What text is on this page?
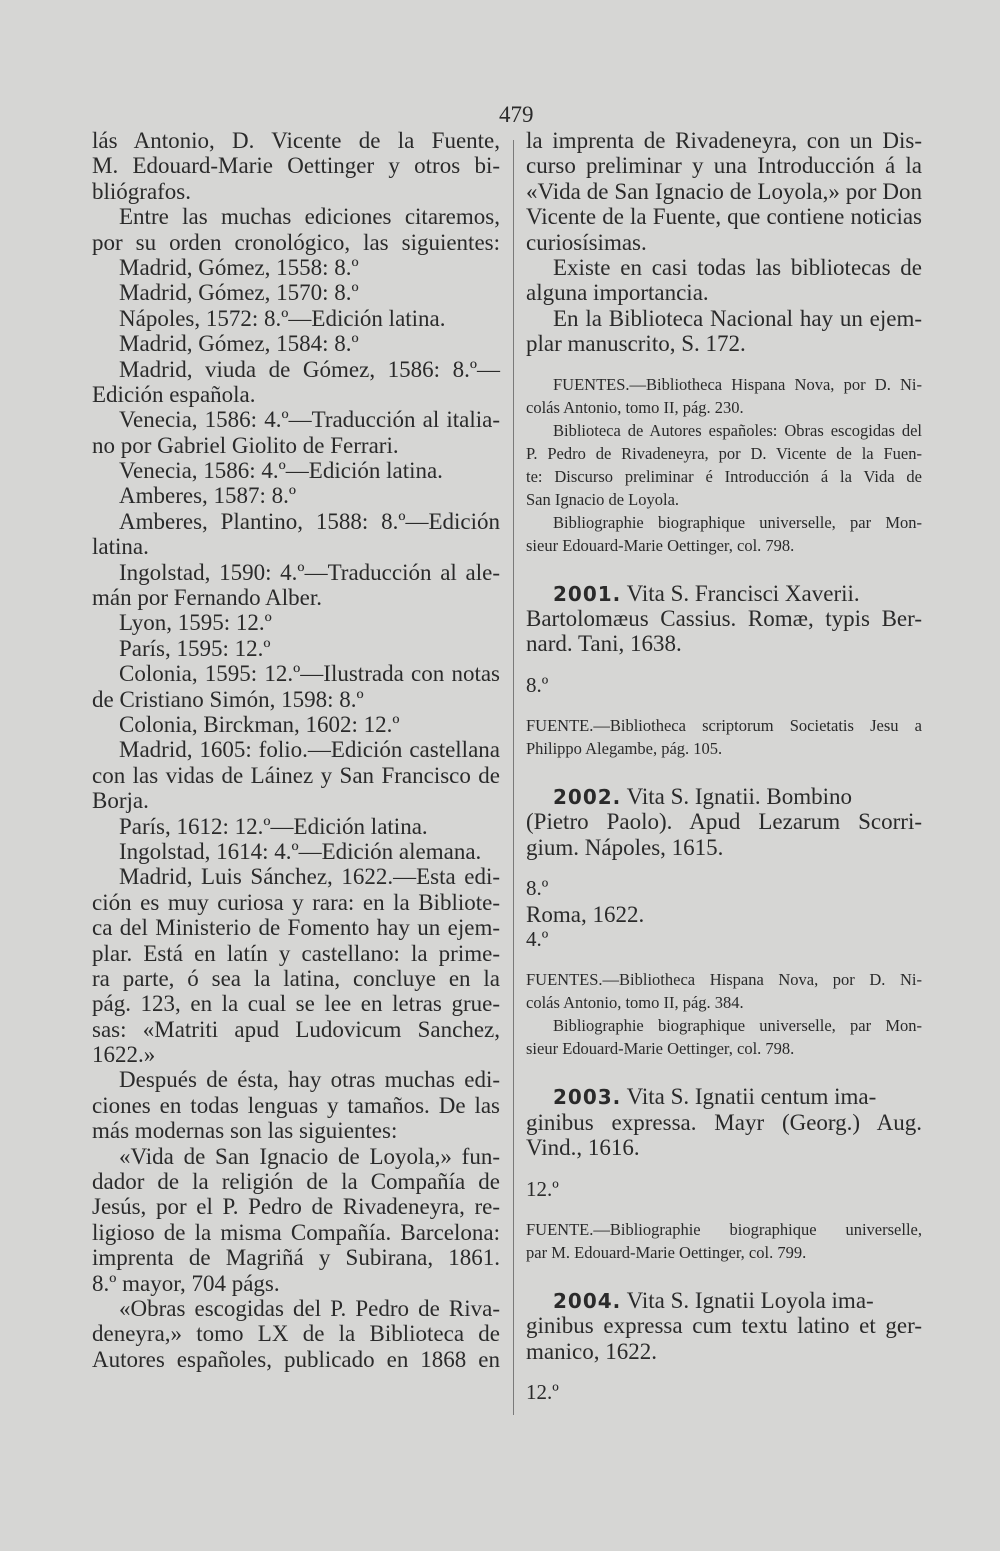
479
lás Antonio, D. Vicente de la Fuente,
M. Edouard-Marie Oettinger y otros bi-
bliógrafos.
Entre las muchas ediciones citaremos,
por su orden cronológico, las siguientes:
Madrid, Gómez, 1558: 8.º
Madrid, Gómez, 1570: 8.º
Nápoles, 1572: 8.º—Edición latina.
Madrid, Gómez, 1584: 8.º
Madrid, viuda de Gómez, 1586: 8.º—
Edición española.
Venecia, 1586: 4.º—Traducción al italia-
no por Gabriel Giolito de Ferrari.
Venecia, 1586: 4.º—Edición latina.
Amberes, 1587: 8.º
Amberes, Plantino, 1588: 8.º—Edición
latina.
Ingolstad, 1590: 4.º—Traducción al ale-
mán por Fernando Alber.
Lyon, 1595: 12.º
París, 1595: 12.º
Colonia, 1595: 12.º—Ilustrada con notas
de Cristiano Simón, 1598: 8.º
Colonia, Birckman, 1602: 12.º
Madrid, 1605: folio.—Edición castellana
con las vidas de Láinez y San Francisco de
Borja.
París, 1612: 12.º—Edición latina.
Ingolstad, 1614: 4.º—Edición alemana.
Madrid, Luis Sánchez, 1622.—Esta edi-
ción es muy curiosa y rara: en la Bibliote-
ca del Ministerio de Fomento hay un ejem-
plar. Está en latín y castellano: la prime-
ra parte, ó sea la latina, concluye en la
pág. 123, en la cual se lee en letras grue-
sas: «Matriti apud Ludovicum Sanchez,
1622.»
Después de ésta, hay otras muchas edi-
ciones en todas lenguas y tamaños. De las
más modernas son las siguientes:
«Vida de San Ignacio de Loyola,» fun-
dador de la religión de la Compañía de
Jesús, por el P. Pedro de Rivadeneyra, re-
ligioso de la misma Compañía. Barcelona:
imprenta de Magriñá y Subirana, 1861.
8.º mayor, 704 págs.
«Obras escogidas del P. Pedro de Riva-
deneyra,» tomo LX de la Biblioteca de
Autores españoles, publicado en 1868 en
la imprenta de Rivadeneyra, con un Dis-
curso preliminar y una Introducción á la
«Vida de San Ignacio de Loyola,» por Don
Vicente de la Fuente, que contiene noticias
curiosísimas.
Existe en casi todas las bibliotecas de
alguna importancia.
En la Biblioteca Nacional hay un ejem-
plar manuscrito, S. 172.
FUENTES.—Bibliotheca Hispana Nova, por D. Ni-
colás Antonio, tomo II, pág. 230.
Biblioteca de Autores españoles: Obras escogidas del
P. Pedro de Rivadeneyra, por D. Vicente de la Fuen-
te: Discurso preliminar é Introducción á la Vida de
San Ignacio de Loyola.
Bibliographie biographique universelle, par Mon-
sieur Edouard-Marie Oettinger, col. 798.
2001. Vita S. Francisci Xaverii.
Bartolomæus Cassius. Romæ, typis Ber-
nard. Tani, 1638.
8.º
FUENTE.—Bibliotheca scriptorum Societatis Jesu a
Philippo Alegambe, pág. 105.
2002. Vita S. Ignatii. Bombino
(Pietro Paolo). Apud Lezarum Scorri-
gium. Nápoles, 1615.
8.º
Roma, 1622.
4.º
FUENTES.—Bibliotheca Hispana Nova, por D. Ni-
colás Antonio, tomo II, pág. 384.
Bibliographie biographique universelle, par Mon-
sieur Edouard-Marie Oettinger, col. 798.
2003. Vita S. Ignatii centum ima-
ginibus expressa. Mayr (Georg.) Aug.
Vind., 1616.
12.º
FUENTE.—Bibliographie biographique universelle,
par M. Edouard-Marie Oettinger, col. 799.
2004. Vita S. Ignatii Loyola ima-
ginibus expressa cum textu latino et ger-
manico, 1622.
12.º
